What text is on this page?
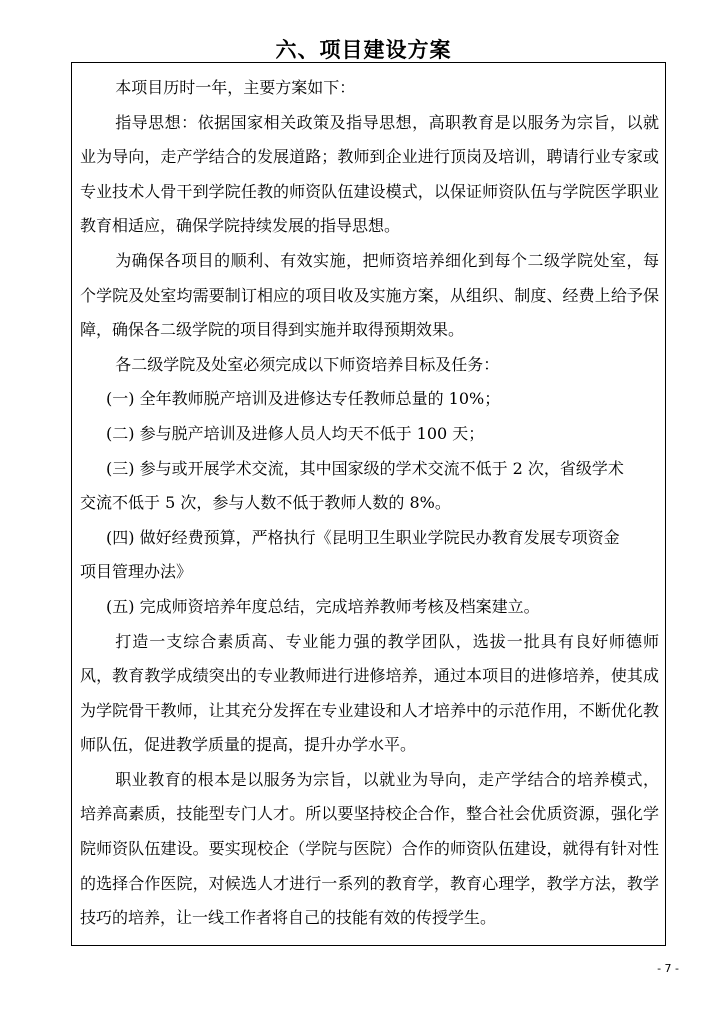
六、项目建设方案

本项目历时一年，主要方案如下：

指导思想：依据国家相关政策及指导思想，高职教育是以服务为宗旨，以就业为导向，走产学结合的发展道路；教师到企业进行顶岗及培训，聘请行业专家或专业技术人骨干到学院任教的师资队伍建设模式，以保证师资队伍与学院医学职业教育相适应，确保学院持续发展的指导思想。

为确保各项目的顺利、有效实施，把师资培养细化到每个二级学院处室，每个学院及处室均需要制订相应的项目收及实施方案，从组织、制度、经费上给予保障，确保各二级学院的项目得到实施并取得预期效果。

各二级学院及处室必须完成以下师资培养目标及任务：

(一) 全年教师脱产培训及进修达专任教师总量的 10%；

(二) 参与脱产培训及进修人员人均天不低于 100 天；

(三) 参与或开展学术交流，其中国家级的学术交流不低于 2 次，省级学术

交流不低于 5 次，参与人数不低于教师人数的 8%。

(四) 做好经费预算，严格执行《昆明卫生职业学院民办教育发展专项资金

项目管理办法》

(五) 完成师资培养年度总结，完成培养教师考核及档案建立。

打造一支综合素质高、专业能力强的教学团队，选拔一批具有良好师德师风，教育教学成绩突出的专业教师进行进修培养，通过本项目的进修培养，使其成为学院骨干教师，让其充分发挥在专业建设和人才培养中的示范作用，不断优化教师队伍，促进教学质量的提高，提升办学水平。

职业教育的根本是以服务为宗旨，以就业为导向，走产学结合的培养模式，培养高素质，技能型专门人才。所以要坚持校企合作，整合社会优质资源，强化学院师资队伍建设。要实现校企（学院与医院）合作的师资队伍建设，就得有针对性的选择合作医院，对候选人才进行一系列的教育学，教育心理学，教学方法，教学技巧的培养，让一线工作者将自己的技能有效的传授学生。

- 7 -
